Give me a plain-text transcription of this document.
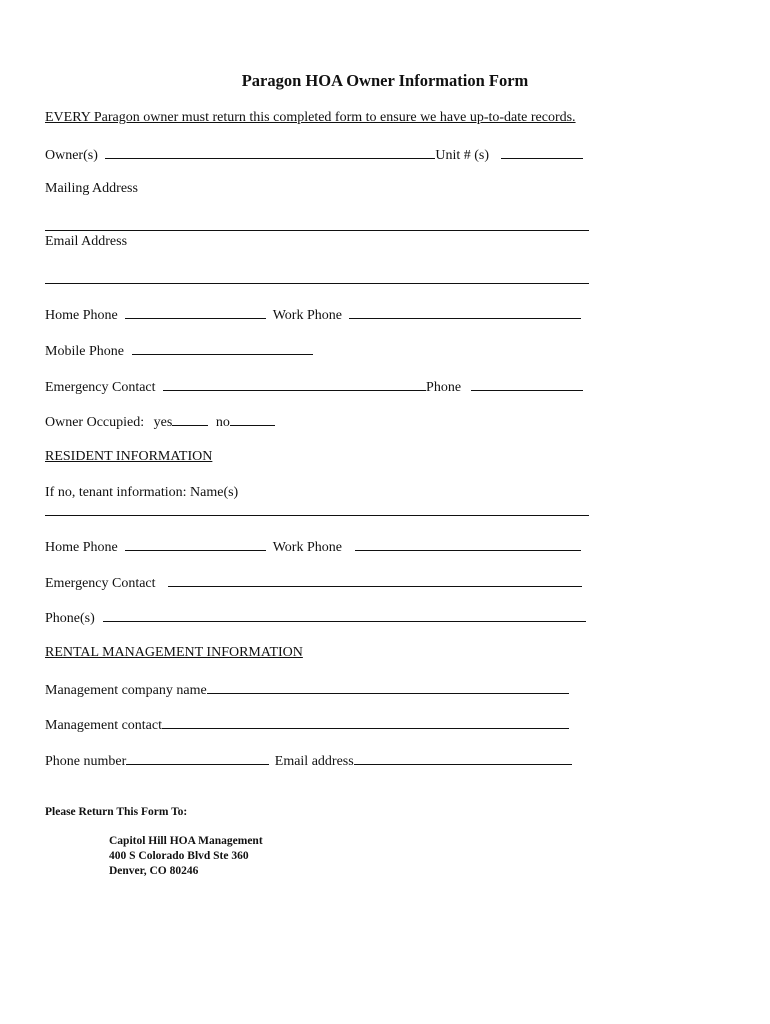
Paragon HOA Owner Information Form
EVERY Paragon owner must return this completed form to ensure we have up-to-date records.
Owner(s)	Unit # (s)
Mailing Address
Email Address
Home Phone	Work Phone
Mobile Phone
Emergency Contact	Phone
Owner Occupied: yes	no
RESIDENT INFORMATION
If no, tenant information: Name(s)
Home Phone	Work Phone
Emergency Contact
Phone(s)
RENTAL MANAGEMENT INFORMATION
Management company name
Management contact
Phone number	Email address
Please Return This Form To:
Capitol Hill HOA Management
400 S Colorado Blvd Ste 360
Denver, CO 80246
